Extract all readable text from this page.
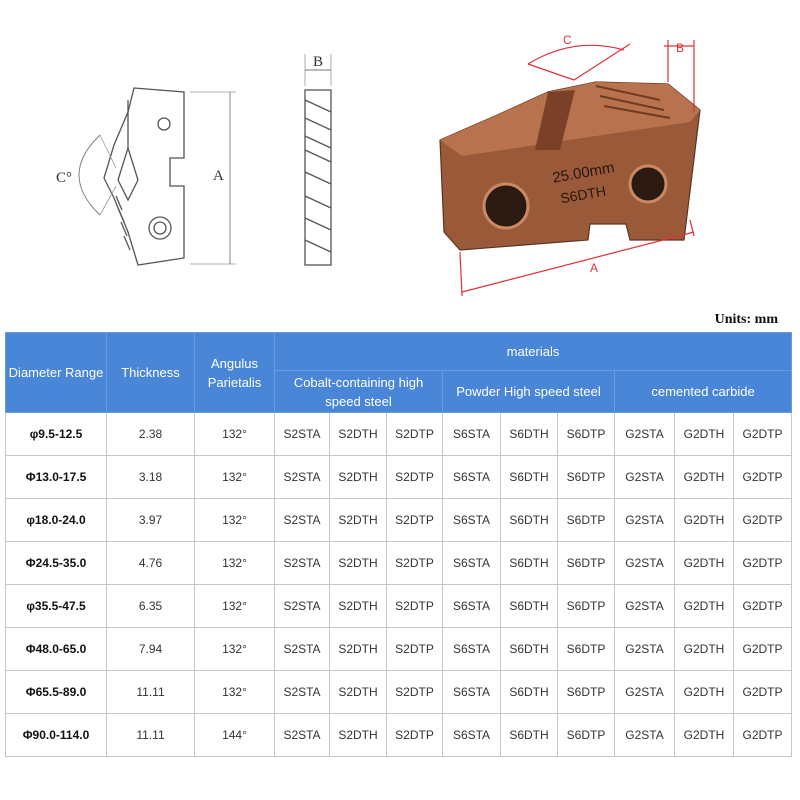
C°	A
B
25.00mm
S6DTH
C
B
A
Units: mm
Diameter Range	Thickness	Angulus Parietalis	materials								
			Cobalt-containing high speed steel			Powder High speed steel			cemented carbide		
φ9.5-12.5	2.38	132°	S2STA	S2DTH	S2DTP	S6STA	S6DTH	S6DTP	G2STA	G2DTH	G2DTP
Φ13.0-17.5	3.18	132°	S2STA	S2DTH	S2DTP	S6STA	S6DTH	S6DTP	G2STA	G2DTH	G2DTP
φ18.0-24.0	3.97	132°	S2STA	S2DTH	S2DTP	S6STA	S6DTH	S6DTP	G2STA	G2DTH	G2DTP
Φ24.5-35.0	4.76	132°	S2STA	S2DTH	S2DTP	S6STA	S6DTH	S6DTP	G2STA	G2DTH	G2DTP
φ35.5-47.5	6.35	132°	S2STA	S2DTH	S2DTP	S6STA	S6DTH	S6DTP	G2STA	G2DTH	G2DTP
Φ48.0-65.0	7.94	132°	S2STA	S2DTH	S2DTP	S6STA	S6DTH	S6DTP	G2STA	G2DTH	G2DTP
Φ65.5-89.0	11.11	132°	S2STA	S2DTH	S2DTP	S6STA	S6DTH	S6DTP	G2STA	G2DTH	G2DTP
Φ90.0-114.0	11.11	144°	S2STA	S2DTH	S2DTP	S6STA	S6DTH	S6DTP	G2STA	G2DTH	G2DTP
